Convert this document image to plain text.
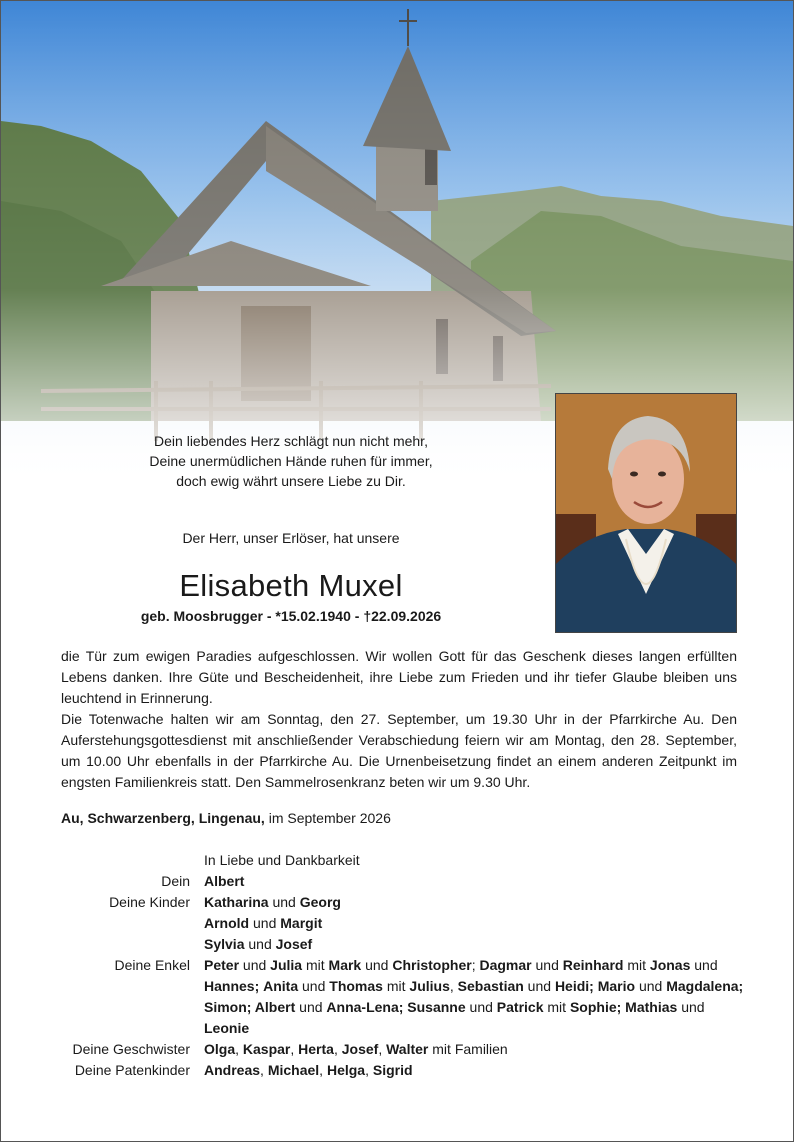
Dein liebendes Herz schlägt nun nicht mehr,
Deine unermüdlichen Hände ruhen für immer,
doch ewig währt unsere Liebe zu Dir.
Der Herr, unser Erlöser, hat unsere
Elisabeth Muxel
geb. Moosbrugger - *15.02.1940 - †22.09.2026

die Tür zum ewigen Paradies aufgeschlossen. Wir wollen Gott für das Geschenk dieses langen erfüllten Lebens danken. Ihre Güte und Bescheidenheit, ihre Liebe zum Frieden und ihr tiefer Glaube bleiben uns leuchtend in Erinnerung.

Die Totenwache halten wir am Sonntag, den 27. September, um 19.30 Uhr in der Pfarrkirche Au. Den Auferstehungsgottesdienst mit anschließender Verabschiedung feiern wir am Montag, den 28. September, um 10.00 Uhr ebenfalls in der Pfarrkirche Au. Die Urnenbeisetzung findet an einem anderen Zeitpunkt im engsten Familienkreis statt. Den Sammelrosenkranz beten wir um 9.30 Uhr.

Au, Schwarzenberg, Lingenau, im September 2026
In Liebe und Dankbarkeit
Dein	Albert
Deine Kinder	Katharina und Georg
Arnold und Margit
Sylvia und Josef
Deine Enkel	Peter und Julia mit Mark und Christopher; Dagmar und Reinhard mit Jonas und Hannes; Anita und Thomas mit Julius, Sebastian und Heidi; Mario und Magdalena; Simon; Albert und Anna-Lena; Susanne und Patrick mit Sophie; Mathias und Leonie
Deine Geschwister	Olga, Kaspar, Herta, Josef, Walter mit Familien
Deine Patenkinder	Andreas, Michael, Helga, Sigrid
